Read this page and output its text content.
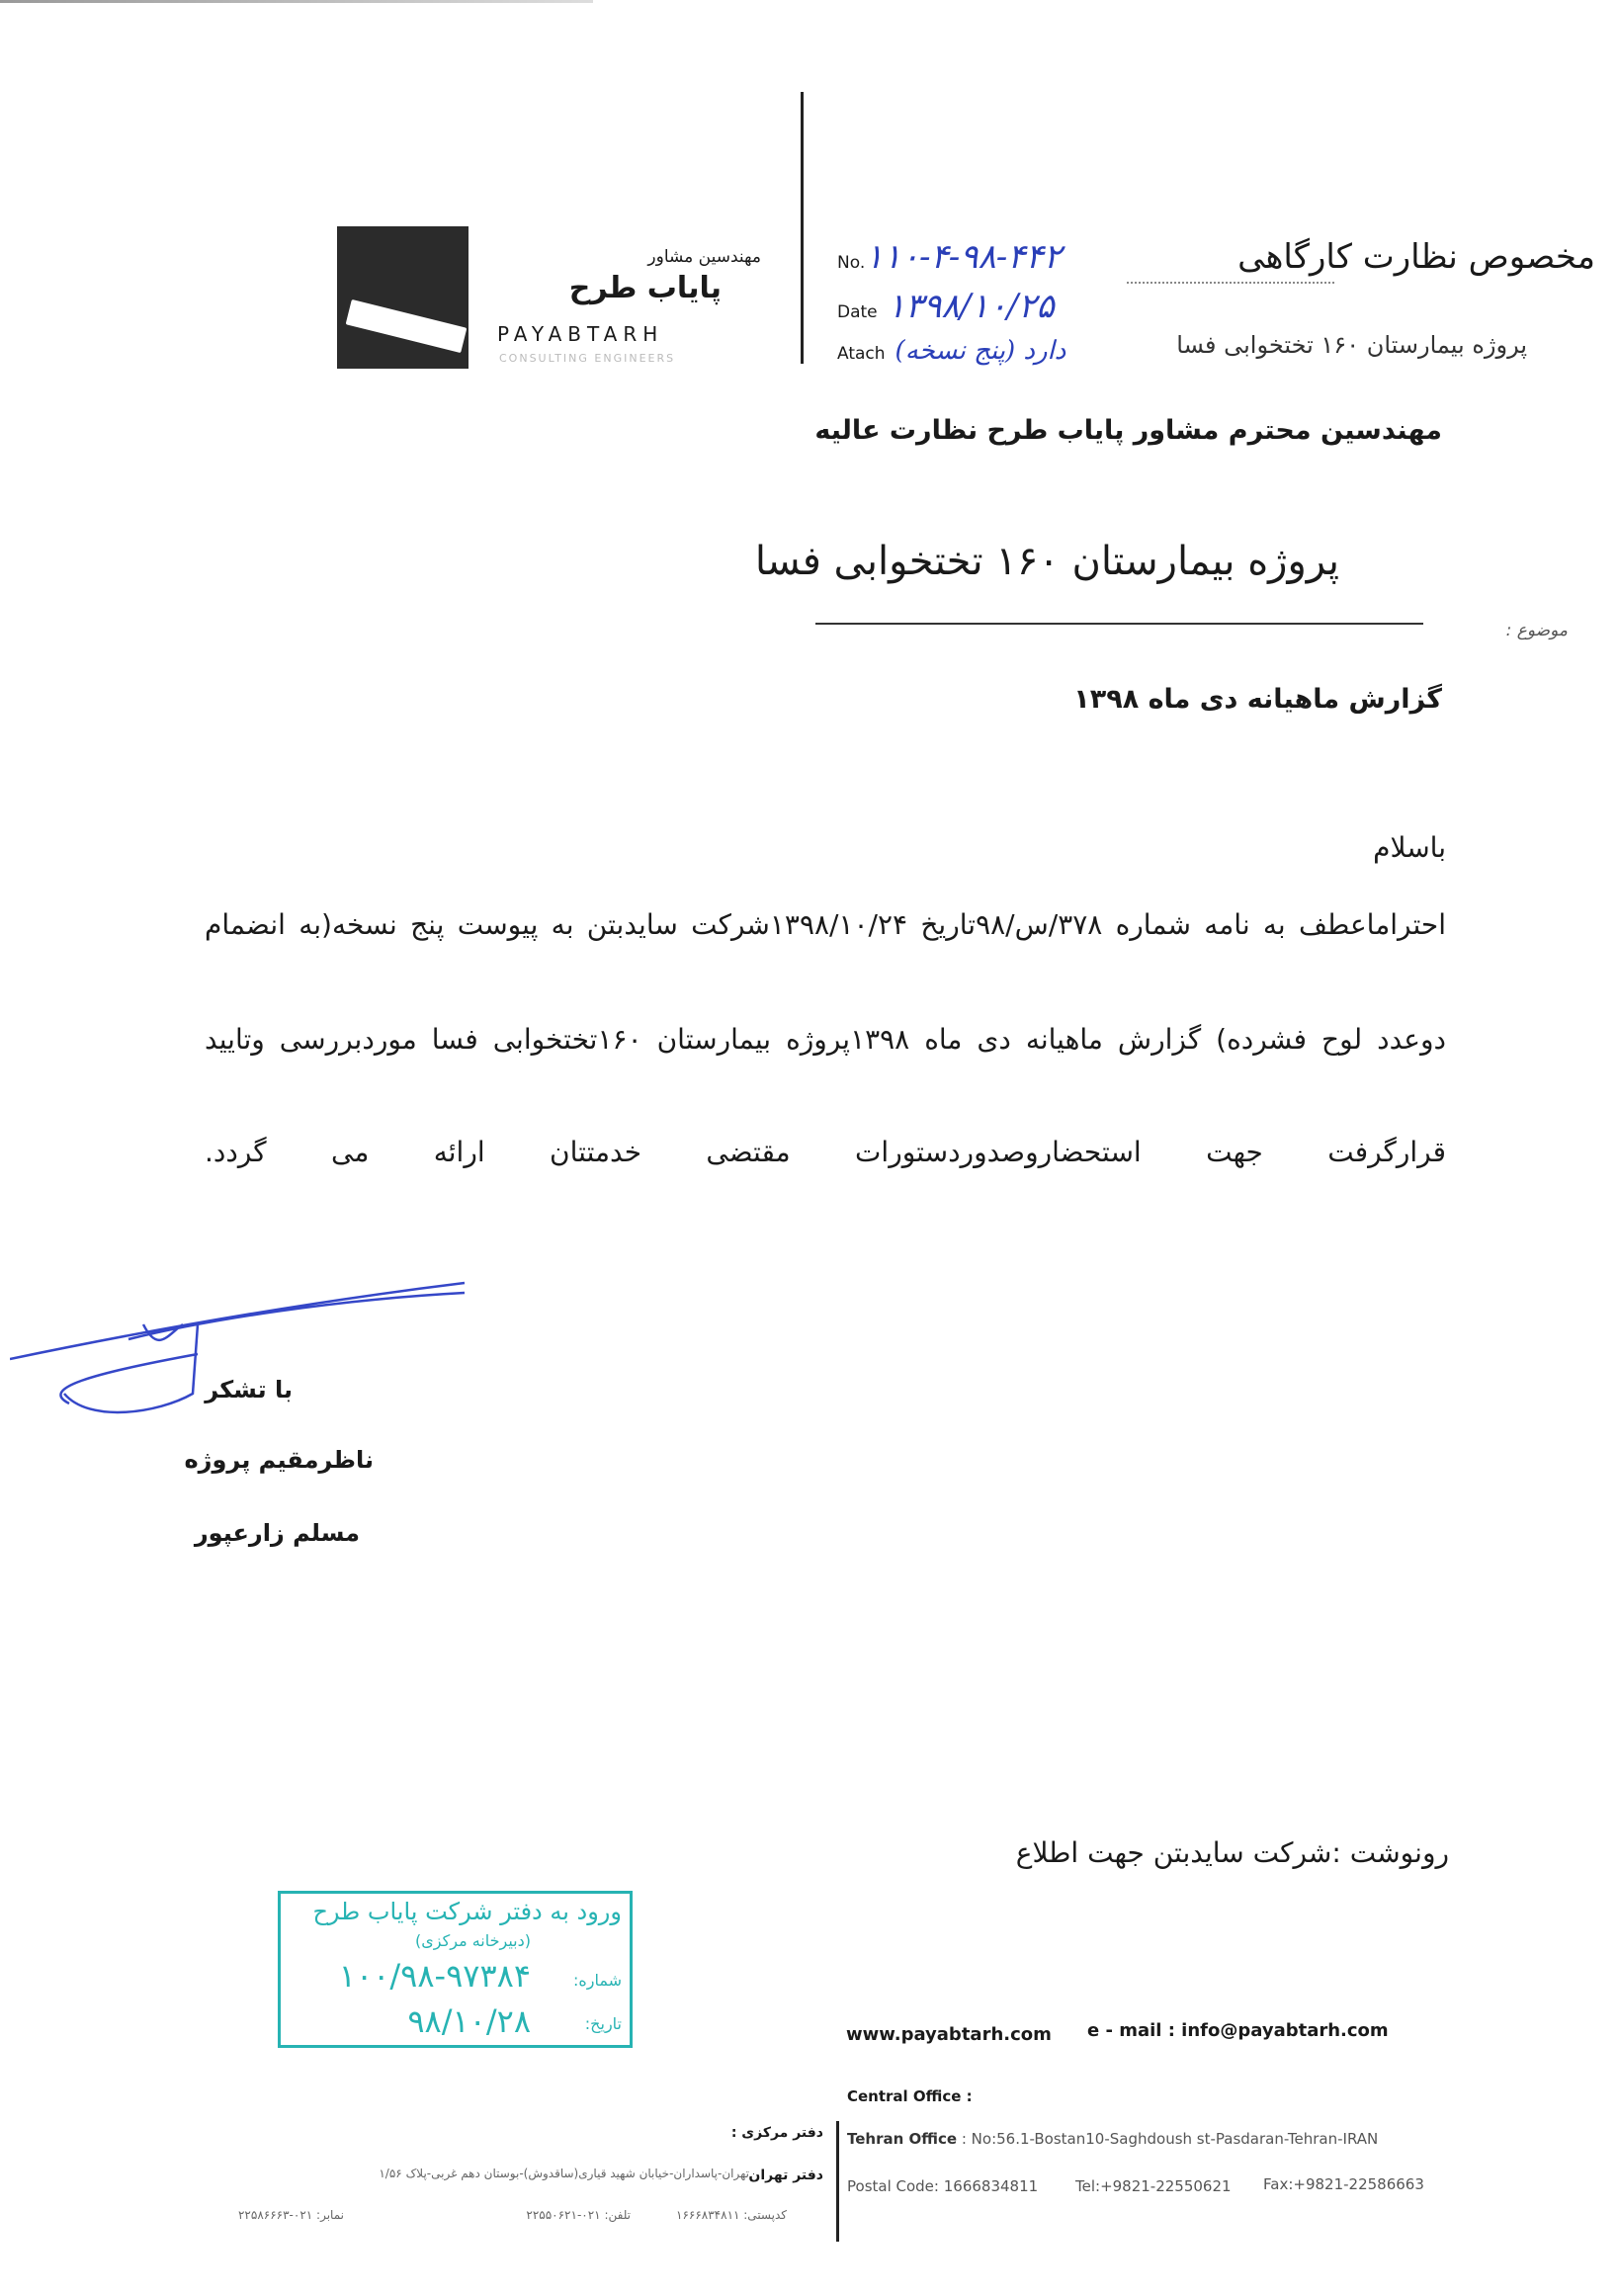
مهندسین مشاور
پایاب طرح
PAYABTARH
CONSULTING ENGINEERS
No.۱۱۰-۴-۹۸-۴۴۲
Date ۱۳۹۸/۱۰/۲۵
Atach دارد (پنج نسخه)
مخصوص نظارت کارگاهی
پروژه بیمارستان ۱۶۰ تختخوابی فسا
مهندسین محترم مشاور پایاب طرح نظارت عالیه
پروژه بیمارستان ۱۶۰ تختخوابی فسا
موضوع :
گزارش ماهیانه دی ماه ۱۳۹۸
باسلام
احتراماعطف به نامه شماره ۳۷۸/س/۹۸تاریخ ۱۳۹۸/۱۰/۲۴شرکت سایدبتن به پیوست پنج نسخه(به انضمام
دوعدد لوح فشرده) گزارش ماهیانه دی ماه ۱۳۹۸پروژه بیمارستان ۱۶۰تختخوابی فسا موردبررسی وتایید
قرارگرفت جهت استحضاروصدوردستورات مقتضی خدمتتان ارائه می گردد.
با تشکر
ناظرمقیم پروژه
مسلم زارعپور
رونوشت :شرکت سایدبتن جهت اطلاع
ورود به دفتر شرکت پایاب طرح
(دبیرخانه مرکزی)
شماره:
۱۰۰/۹۸-۹۷۳۸۴
تاریخ:
۹۸/۱۰/۲۸	www.payabtarh.com e - mail : info@payabtarh.com
دفتر مرکزی :
دفتر تهران
تهران-پاسداران-خیابان شهید قیاری(ساقدوش)-بوستان دهم غربی-پلاک ۱/۵۶
کدپستی: ۱۶۶۶۸۳۴۸۱۱
تلفن: ۰۲۱-۲۲۵۵۰۶۲۱
نمابر: ۰۲۱-۲۲۵۸۶۶۶۳
Central Office :
Tehran Office : No:56.1-Bostan10-Saghdoush st-Pasdaran-Tehran-IRAN
Postal Code: 1666834811	Tel:+9821-22550621 Fax:+9821-22586663
